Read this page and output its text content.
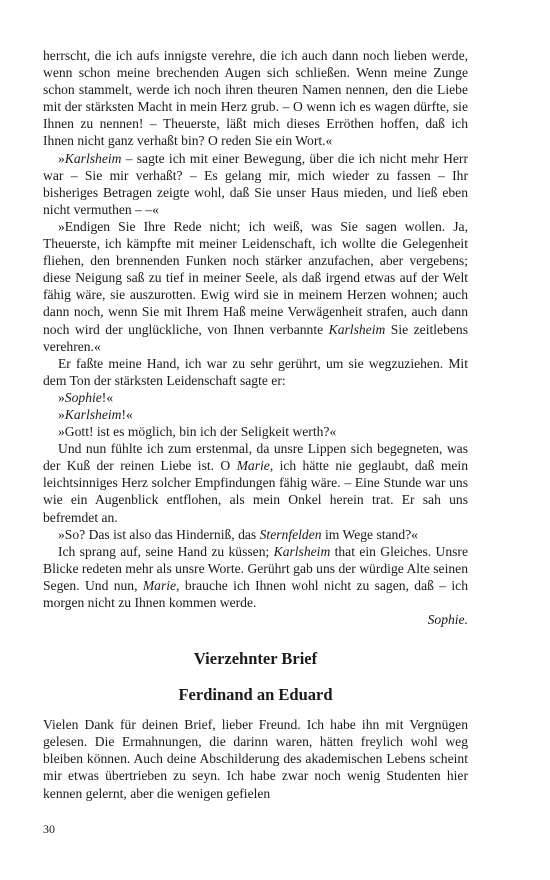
herrscht, die ich aufs innigste verehre, die ich auch dann noch lieben werde, wenn schon meine brechenden Augen sich schließen. Wenn meine Zunge schon stammelt, werde ich noch ihren theuren Namen nennen, den die Liebe mit der stärksten Macht in mein Herz grub. – O wenn ich es wagen dürfte, sie Ihnen zu nennen! – Theuerste, läßt mich dieses Erröthen hoffen, daß ich Ihnen nicht ganz verhaßt bin? O reden Sie ein Wort.«

»Karlsheim – sagte ich mit einer Bewegung, über die ich nicht mehr Herr war – Sie mir verhaßt? – Es gelang mir, mich wieder zu fassen – Ihr bisheriges Betragen zeigte wohl, daß Sie unser Haus mieden, und ließ eben nicht vermuthen – –«

»Endigen Sie Ihre Rede nicht; ich weiß, was Sie sagen wollen. Ja, Theuerste, ich kämpfte mit meiner Leidenschaft, ich wollte die Gelegenheit fliehen, den brennenden Funken noch stärker anzufachen, aber vergebens; diese Neigung saß zu tief in meiner Seele, als daß irgend etwas auf der Welt fähig wäre, sie auszurotten. Ewig wird sie in meinem Herzen wohnen; auch dann noch, wenn Sie mit Ihrem Haß meine Verwägenheit strafen, auch dann noch wird der unglückliche, von Ihnen verbannte Karlsheim Sie zeitlebens verehren.«

Er faßte meine Hand, ich war zu sehr gerührt, um sie wegzuziehen. Mit dem Ton der stärksten Leidenschaft sagte er:

»Sophie!«

»Karlsheim!«

»Gott! ist es möglich, bin ich der Seligkeit werth?«

Und nun fühlte ich zum erstenmal, da unsre Lippen sich begegneten, was der Kuß der reinen Liebe ist. O Marie, ich hätte nie geglaubt, daß mein leichtsinniges Herz solcher Empfindungen fähig wäre. – Eine Stunde war uns wie ein Augenblick entflohen, als mein Onkel herein trat. Er sah uns befremdet an.

»So? Das ist also das Hinderniß, das Sternfelden im Wege stand?«

Ich sprang auf, seine Hand zu küssen; Karlsheim that ein Gleiches. Unsre Blicke redeten mehr als unsre Worte. Gerührt gab uns der würdige Alte seinen Segen. Und nun, Marie, brauche ich Ihnen wohl nicht zu sagen, daß – ich morgen nicht zu Ihnen kommen werde.

Sophie.

Vierzehnter Brief
Ferdinand an Eduard

Vielen Dank für deinen Brief, lieber Freund. Ich habe ihn mit Vergnügen gelesen. Die Ermahnungen, die darinn waren, hätten freylich wohl weg bleiben können. Auch deine Abschilderung des akademischen Lebens scheint mir etwas übertrieben zu seyn. Ich habe zwar noch wenig Studenten hier kennen gelernt, aber die wenigen gefielen

30
